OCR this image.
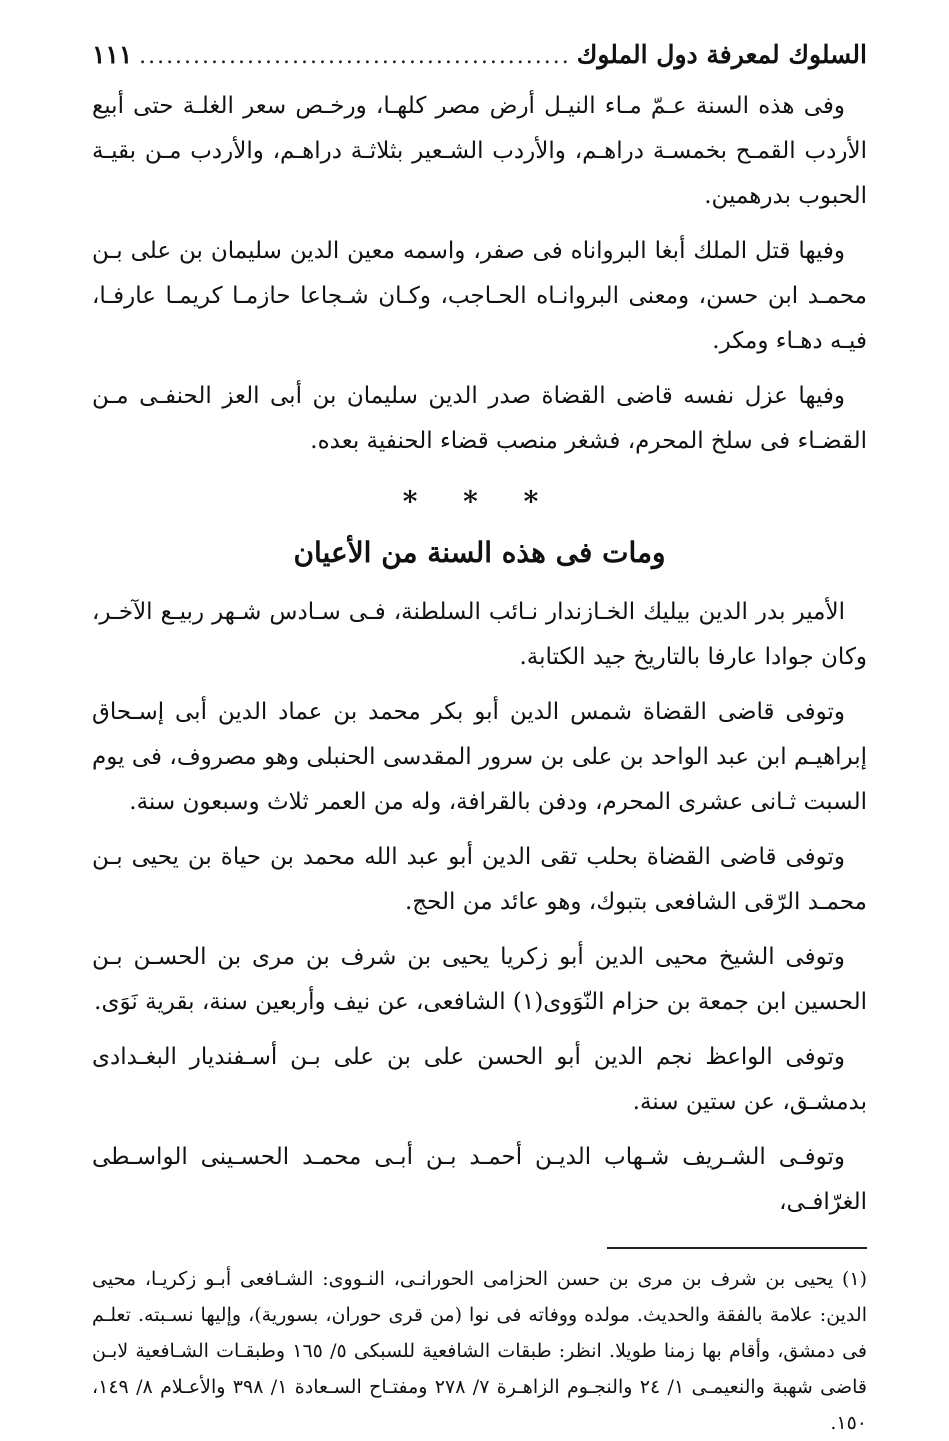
السلوك لمعرفة دول الملوك
.....
١١١

وفى هذه السنة عـمّ مـاء النيـل أرض مصر كلهـا، ورخـص سعر الغلـة حتى أبيع الأردب القمـح بخمسـة دراهـم، والأردب الشـعير بثلاثـة دراهـم، والأردب مـن بقيـة الحبوب بدرهمين.

وفيها قتل الملك أبغا البرواناه فى صفر، واسمه معين الدين سليمان بن على بـن محمـد ابن حسن، ومعنى البروانـاه الحـاجب، وكـان شـجاعا حازمـا كريمـا عارفـا، فيـه دهـاء ومكر.

وفيها عزل نفسه قاضى القضاة صدر الدين سليمان بن أبى العز الحنفـى مـن القضـاء فى سلخ المحرم، فشغر منصب قضاء الحنفية بعده.

* * *
ومات فى هذه السنة من الأعيان

الأمير بدر الدين بيليك الخـازندار نـائب السلطنة، فـى سـادس شـهر ربيـع الآخـر، وكان جوادا عارفا بالتاريخ جيد الكتابة.

وتوفى قاضى القضاة شمس الدين أبو بكر محمد بن عماد الدين أبى إسـحاق إبراهيـم ابن عبد الواحد بن على بن سرور المقدسى الحنبلى وهو مصروف، فى يوم السبت ثـانى عشرى المحرم، ودفن بالقرافة، وله من العمر ثلاث وسبعون سنة.

وتوفى قاضى القضاة بحلب تقى الدين أبو عبد الله محمد بن حياة بن يحيى بـن محمـد الرّقى الشافعى بتبوك، وهو عائد من الحج.

وتوفى الشيخ محيى الدين أبو زكريا يحيى بن شرف بن مرى بن الحسـن بـن الحسين ابن جمعة بن حزام النّوَوى(١) الشافعى، عن نيف وأربعين سنة، بقرية نَوَى.

وتوفى الواعظ نجم الدين أبو الحسن على بن على بـن أسـفنديار البغـدادى بدمشـق، عن ستين سنة.

وتوفـى الشـريف شـهاب الديـن أحمـد بـن أبـى محمـد الحسـينى الواسـطى الغرّافـى،

(١) يحيى بن شرف بن مرى بن حسن الحزامى الحورانـى، النـووى: الشـافعى أبـو زكريـا، محيى الدين: علامة بالفقة والحديث. مولده ووفاته فى نوا (من قرى حوران، بسورية)، وإليها نسـبته. تعلـم فى دمشق، وأقام بها زمنا طويلا. انظر: طبقات الشافعية للسبكى ٥/ ١٦٥ وطبقـات الشـافعية لابـن قاضى شهبة والنعيمـى ١/ ٢٤ والنجـوم الزاهـرة ٧/ ٢٧٨ ومفتـاح السـعادة ١/ ٣٩٨ والأعـلام ٨/ ١٤٩، ١٥٠.
